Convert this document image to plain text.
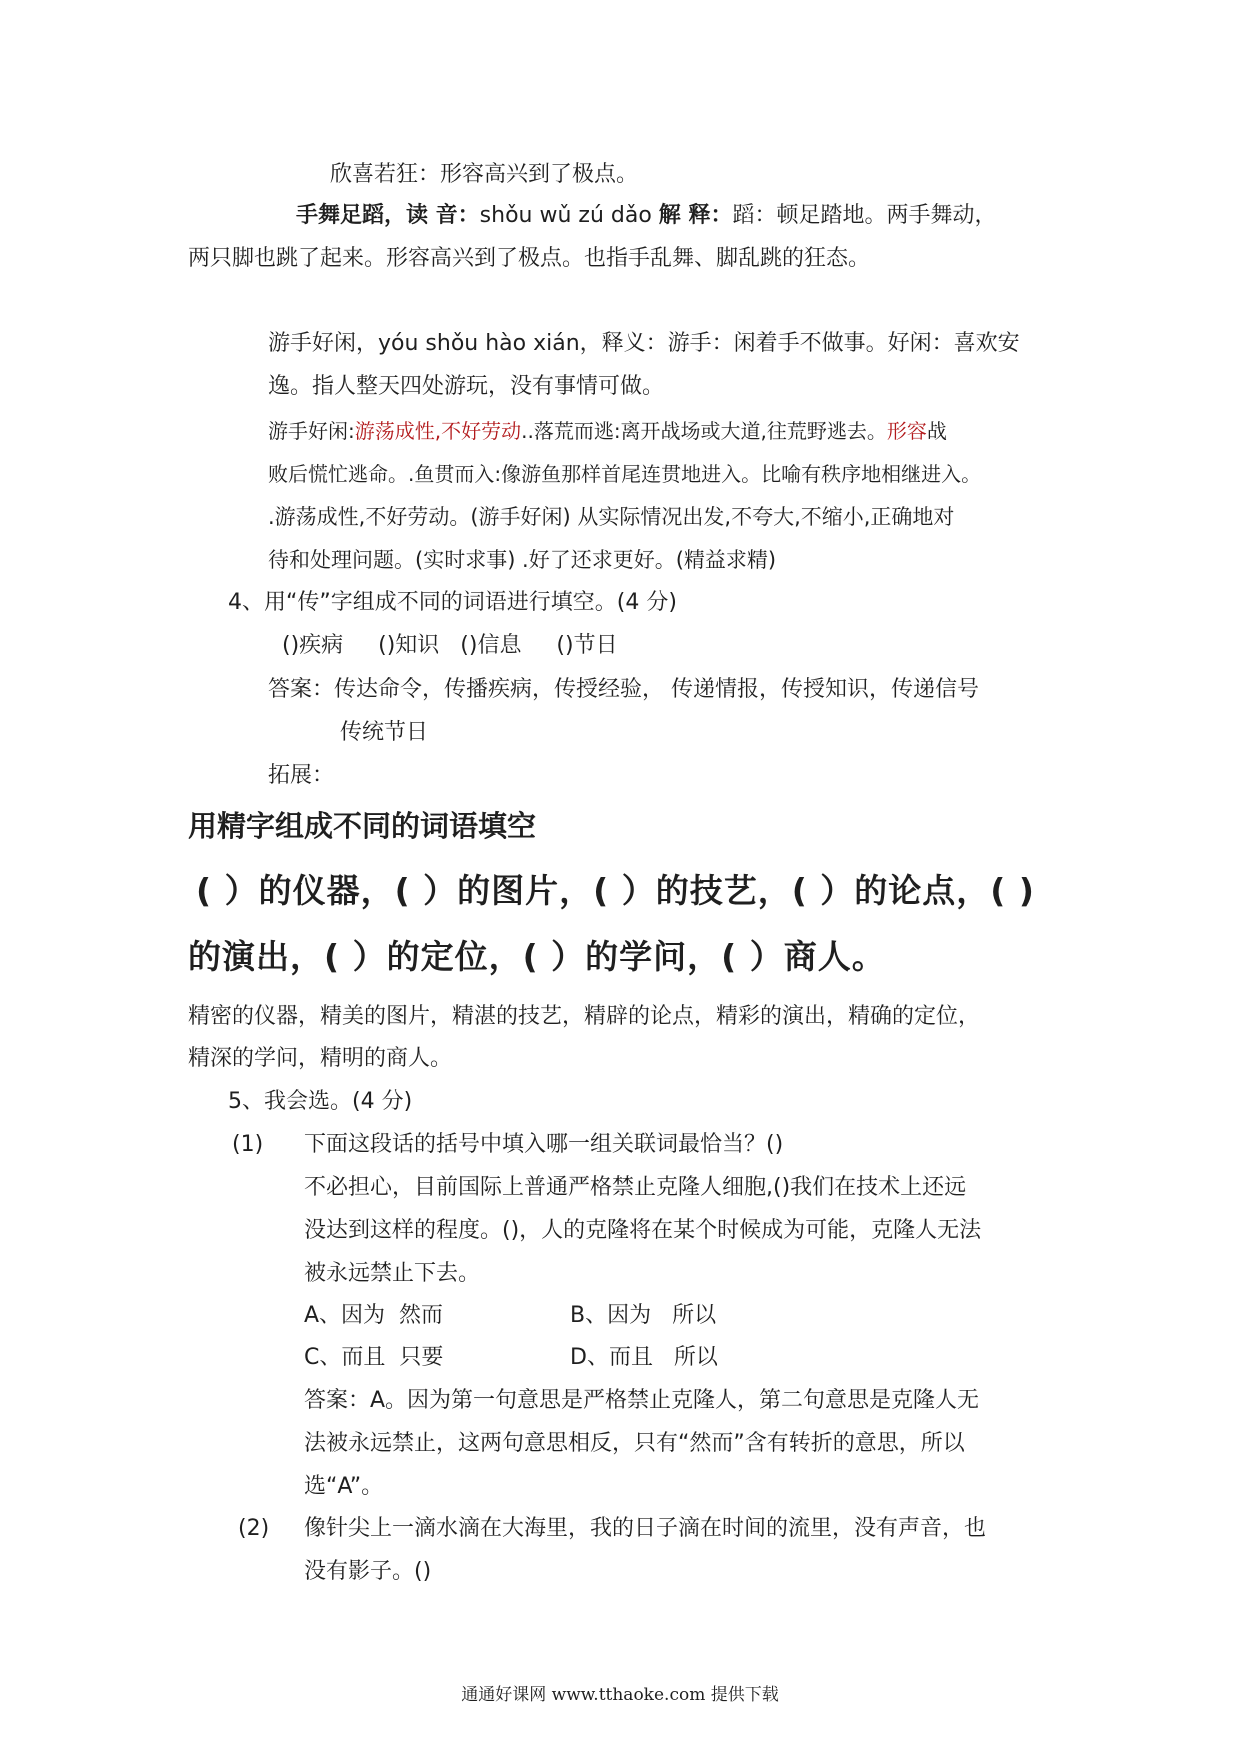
欣喜若狂：形容高兴到了极点。
手舞足蹈，读 音：shǒu wǔ zú dǎo 解 释：蹈：顿足踏地。两手舞动，
两只脚也跳了起来。形容高兴到了极点。也指手乱舞、脚乱跳的狂态。
游手好闲，yóu shǒu hào xián，释义：游手：闲着手不做事。好闲：喜欢安
逸。指人整天四处游玩，没有事情可做。
游手好闲:游荡成性,不好劳动..落荒而逃:离开战场或大道,往荒野逃去。形容战
败后慌忙逃命。.鱼贯而入:像游鱼那样首尾连贯地进入。比喻有秩序地相继进入。
.游荡成性,不好劳动。(游手好闲) 从实际情况出发,不夸大,不缩小,正确地对
待和处理问题。(实时求事) .好了还求更好。(精益求精)
4、用“传”字组成不同的词语进行填空。(4 分)
()疾病     ()知识   ()信息     ()节日
答案：传达命令，传播疾病，传授经验， 传递情报，传授知识，传递信号
传统节日
拓展：
用精字组成不同的词语填空
( ）的仪器，( ）的图片，( ）的技艺，( ）的论点，( )
的演出，( ）的定位，( ）的学问，( ）商人。
精密的仪器，精美的图片，精湛的技艺，精辟的论点，精彩的演出，精确的定位，
精深的学问，精明的商人。
5、我会选。(4 分)
(1) 下面这段话的括号中填入哪一组关联词最恰当？()
不必担心，目前国际上普通严格禁止克隆人细胞,()我们在技术上还远
没达到这样的程度。()，人的克隆将在某个时候成为可能，克隆人无法
被永远禁止下去。
A、因为  然而	B、因为   所以
C、而且  只要	D、而且   所以
答案：A。因为第一句意思是严格禁止克隆人，第二句意思是克隆人无
法被永远禁止，这两句意思相反，只有“然而”含有转折的意思，所以
选“A”。
(2) 像针尖上一滴水滴在大海里，我的日子滴在时间的流里，没有声音，也
没有影子。()
通通好课网 www.tthaoke.com 提供下载
